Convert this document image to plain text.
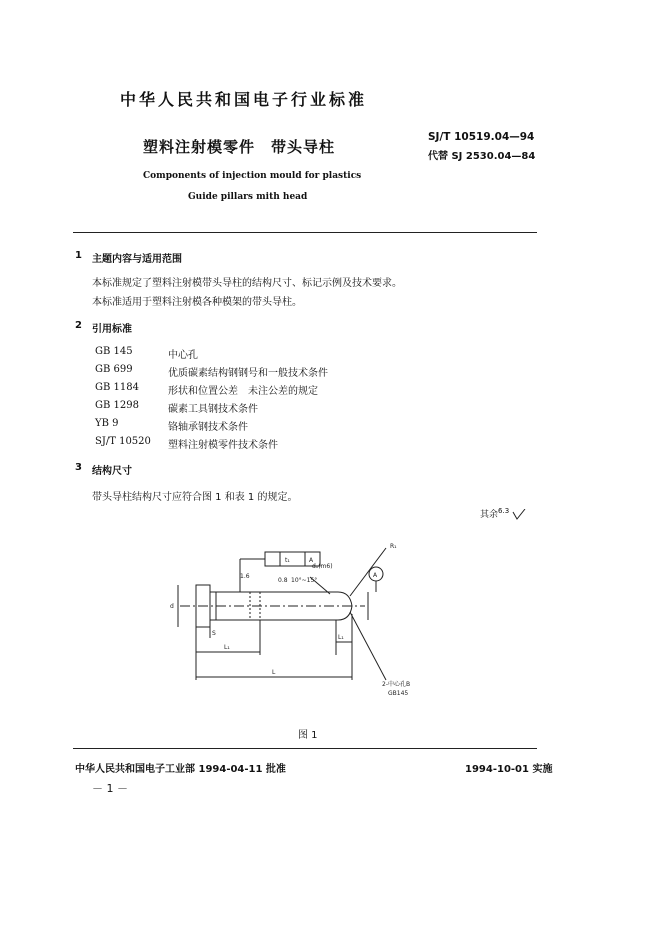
中华人民共和国电子行业标准
塑料注射模零件　带头导柱
SJ/T 10519.04—94
代替 SJ 2530.04—84
Components of injection mould for plastics
Guide pillars mith head
1 主题内容与适用范围
本标准规定了塑料注射模带头导柱的结构尺寸、标记示例及技术要求。
本标准适用于塑料注射模各种模架的带头导柱。
2 引用标准
GB 145	中心孔
GB 699	优质碳素结构钢钢号和一般技术条件
GB 1184	形状和位置公差　未注公差的规定
GB 1298	碳素工具钢技术条件
YB 9	铬轴承钢技术条件
SJ/T 10520 塑料注射模零件技术条件
3 结构尺寸
带头导柱结构尺寸应符合图 1 和表 1 的规定。
其余$^{6.3}$
t₁	A
A
1.6
0.8 10°~15°
d₁(m6)
R₁
d
L₁
L
S
L₁
2-中心孔B
GB145
图 1
中华人民共和国电子工业部 1994-04-11 批准	1994-10-01 实施
－ 1 －
